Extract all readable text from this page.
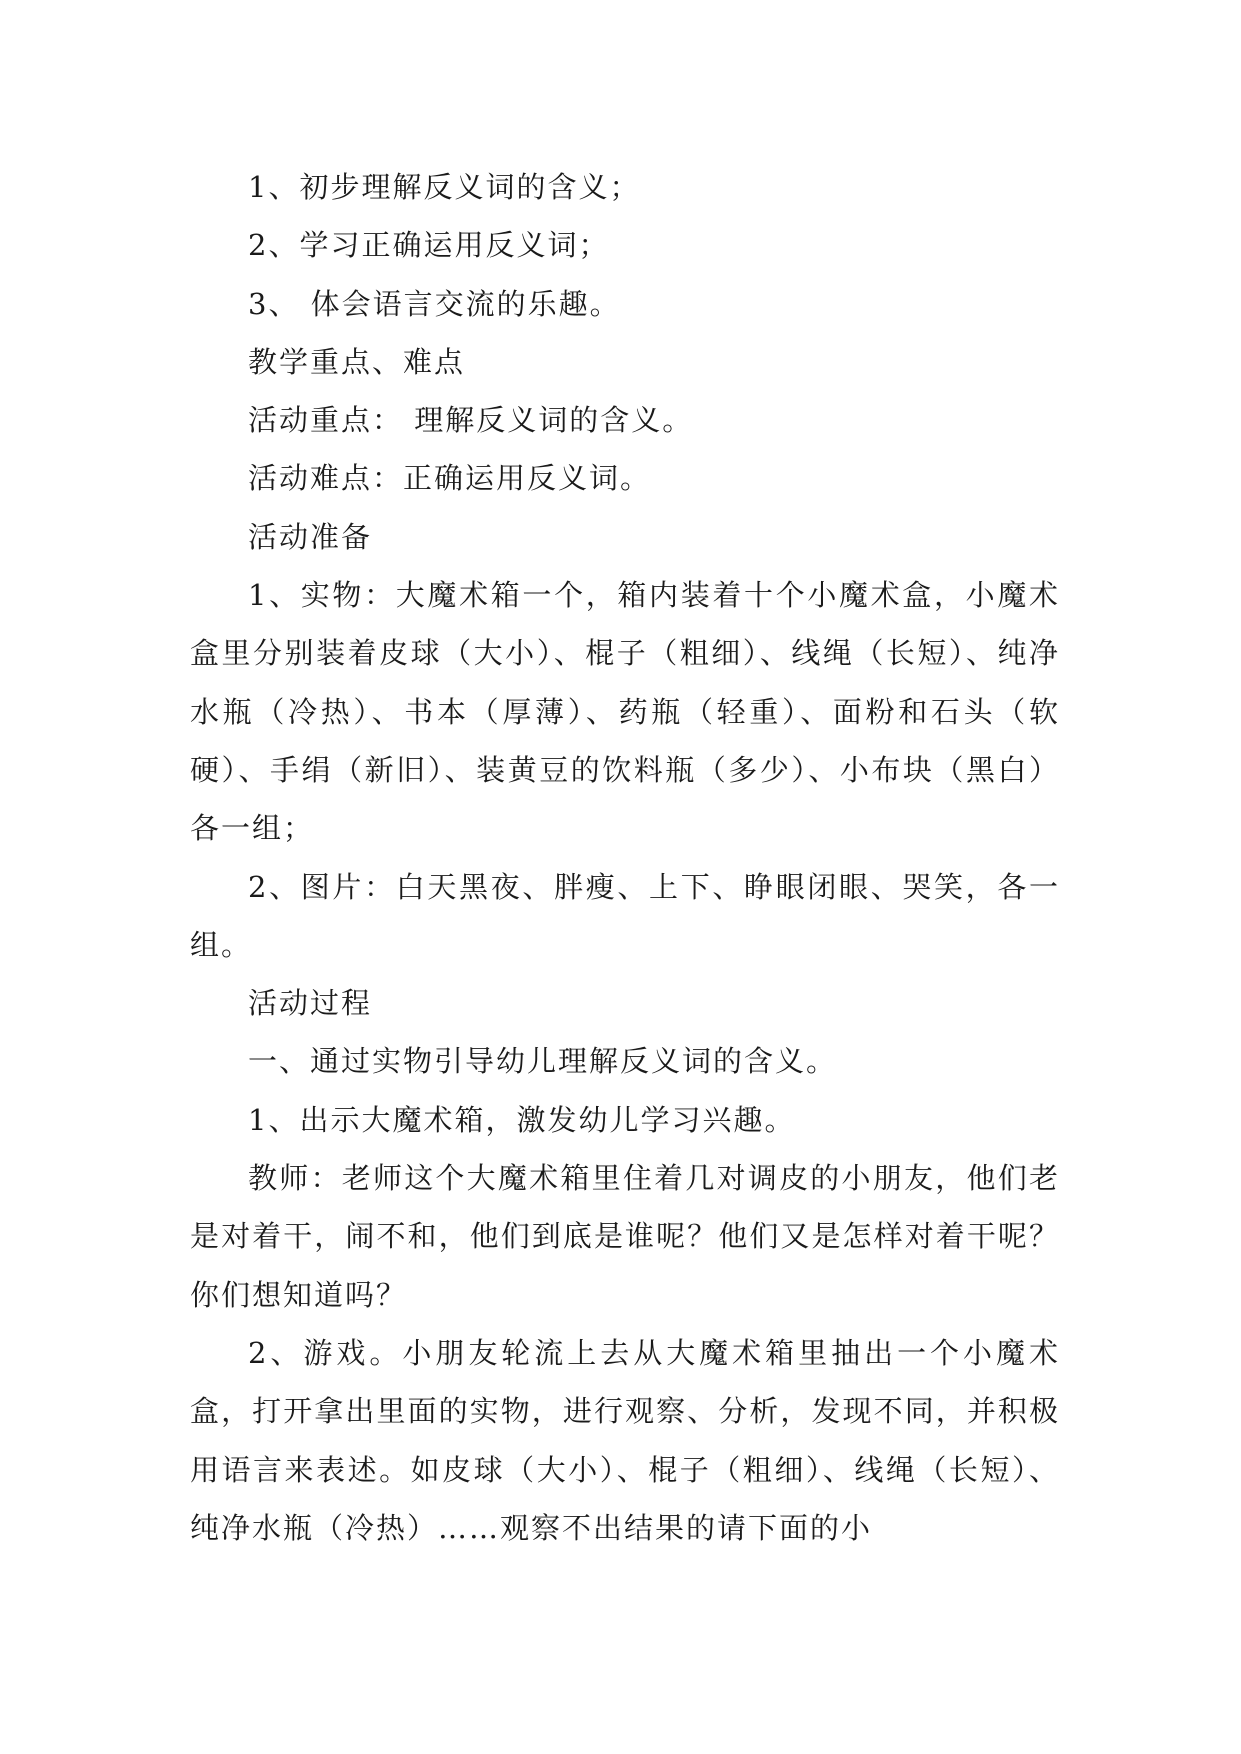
1、初步理解反义词的含义；

2、学习正确运用反义词；

3、 体会语言交流的乐趣。

教学重点、难点

活动重点： 理解反义词的含义。

活动难点：正确运用反义词。

活动准备

1、实物：大魔术箱一个，箱内装着十个小魔术盒，小魔术盒里分别装着皮球（大小）、棍子（粗细）、线绳（长短）、纯净水瓶（冷热）、书本（厚薄）、药瓶（轻重）、面粉和石头（软硬）、手绢（新旧）、装黄豆的饮料瓶（多少）、小布块（黑白）各一组；

2、图片：白天黑夜、胖瘦、上下、睁眼闭眼、哭笑，各一组。

活动过程

一、通过实物引导幼儿理解反义词的含义。

1、出示大魔术箱，激发幼儿学习兴趣。

教师：老师这个大魔术箱里住着几对调皮的小朋友，他们老是对着干，闹不和，他们到底是谁呢？他们又是怎样对着干呢？你们想知道吗？

2、游戏。小朋友轮流上去从大魔术箱里抽出一个小魔术盒，打开拿出里面的实物，进行观察、分析，发现不同，并积极用语言来表述。如皮球（大小）、棍子（粗细）、线绳（长短）、纯净水瓶（冷热）……观察不出结果的请下面的小
